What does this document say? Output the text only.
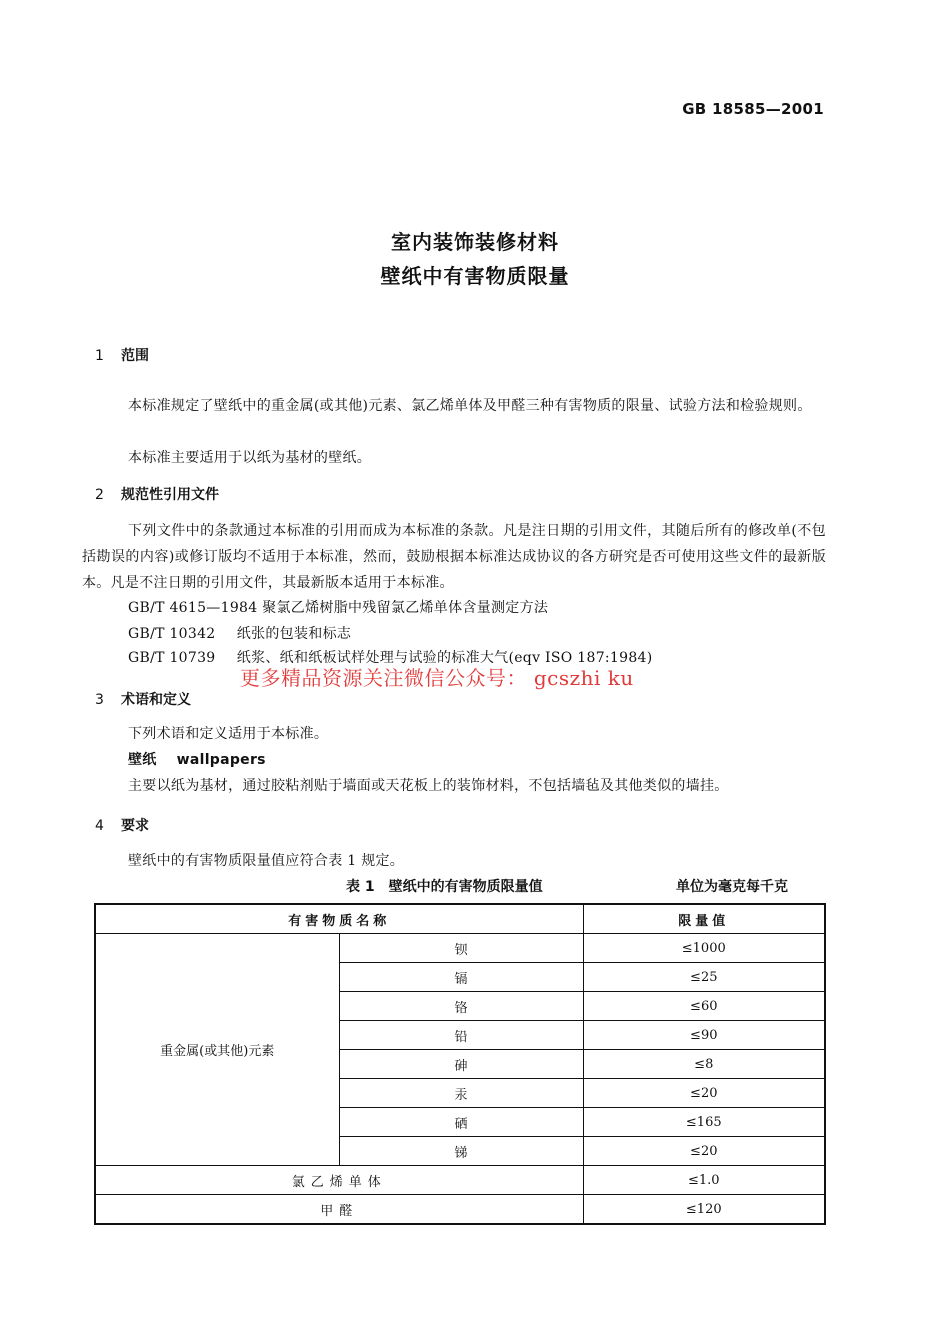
GB 18585—2001
室内装饰装修材料
壁纸中有害物质限量
1 范围
本标准规定了壁纸中的重金属(或其他)元素、氯乙烯单体及甲醛三种有害物质的限量、试验方法和检验规则。
本标准主要适用于以纸为基材的壁纸。
2 规范性引用文件
下列文件中的条款通过本标准的引用而成为本标准的条款。凡是注日期的引用文件，其随后所有的修改单(不包括勘误的内容)或修订版均不适用于本标准，然而，鼓励根据本标准达成协议的各方研究是否可使用这些文件的最新版本。凡是不注日期的引用文件，其最新版本适用于本标准。
GB/T 4615—1984 聚氯乙烯树脂中残留氯乙烯单体含量测定方法
GB/T 10342 纸张的包装和标志
GB/T 10739 纸浆、纸和纸板试样处理与试验的标准大气(eqv ISO 187:1984)
更多精品资源关注微信公众号： gcszhi ku
3 术语和定义
下列术语和定义适用于本标准。
壁纸 wallpapers
主要以纸为基材，通过胶粘剂贴于墙面或天花板上的装饰材料，不包括墙毡及其他类似的墙挂。
4 要求
壁纸中的有害物质限量值应符合表 1 规定。
表 1　壁纸中的有害物质限量值	单位为毫克每千克
有害物质名称		限量值
重金属(或其他)元素	钡	≤1000
	镉	≤25
	铬	≤60
	铅	≤90
	砷	≤8
	汞	≤20
	硒	≤165
	锑	≤20
氯乙烯单体		≤1.0
甲醛		≤120
